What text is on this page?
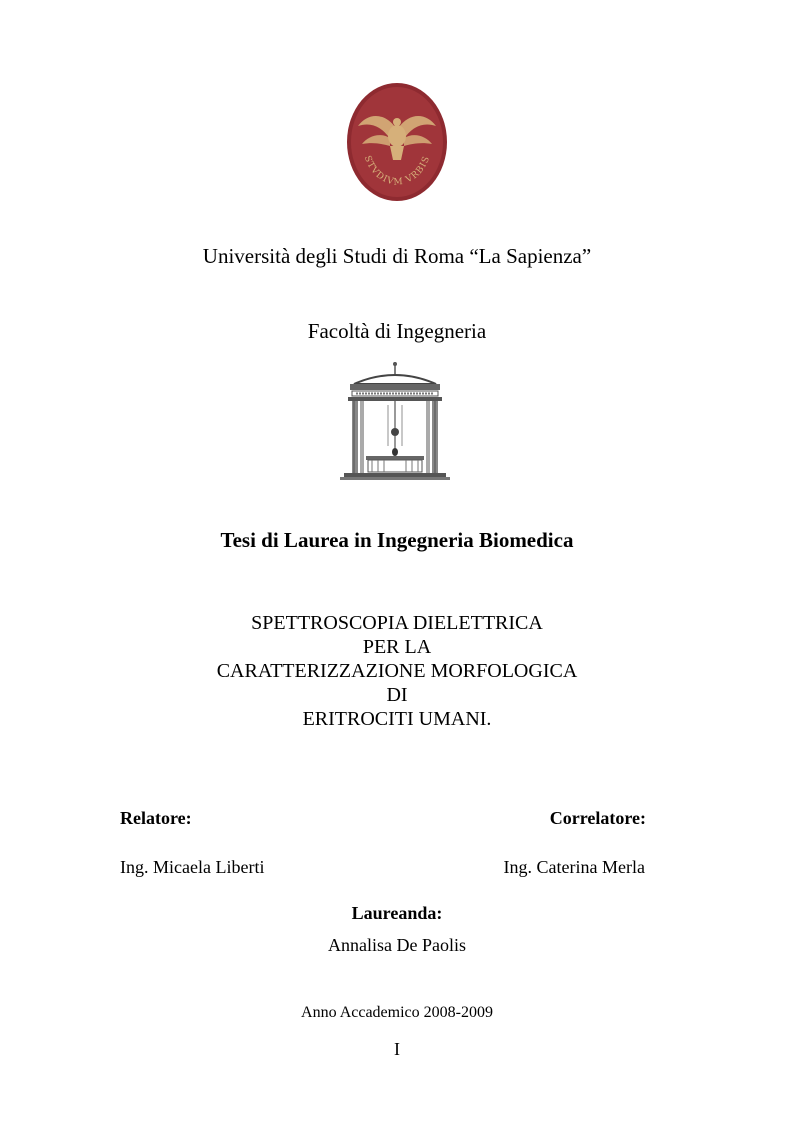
STVDIVM VRBIS
Università degli Studi di Roma “La Sapienza”
Facoltà di Ingegneria
Tesi di Laurea in Ingegneria Biomedica
SPETTROSCOPIA DIELETTRICA
PER LA
CARATTERIZZAZIONE MORFOLOGICA
DI
ERITROCITI UMANI.
Relatore:	Correlatore:
Ing. Micaela Liberti	Ing. Caterina Merla
Laureanda:
Annalisa De Paolis
Anno Accademico 2008-2009
I
